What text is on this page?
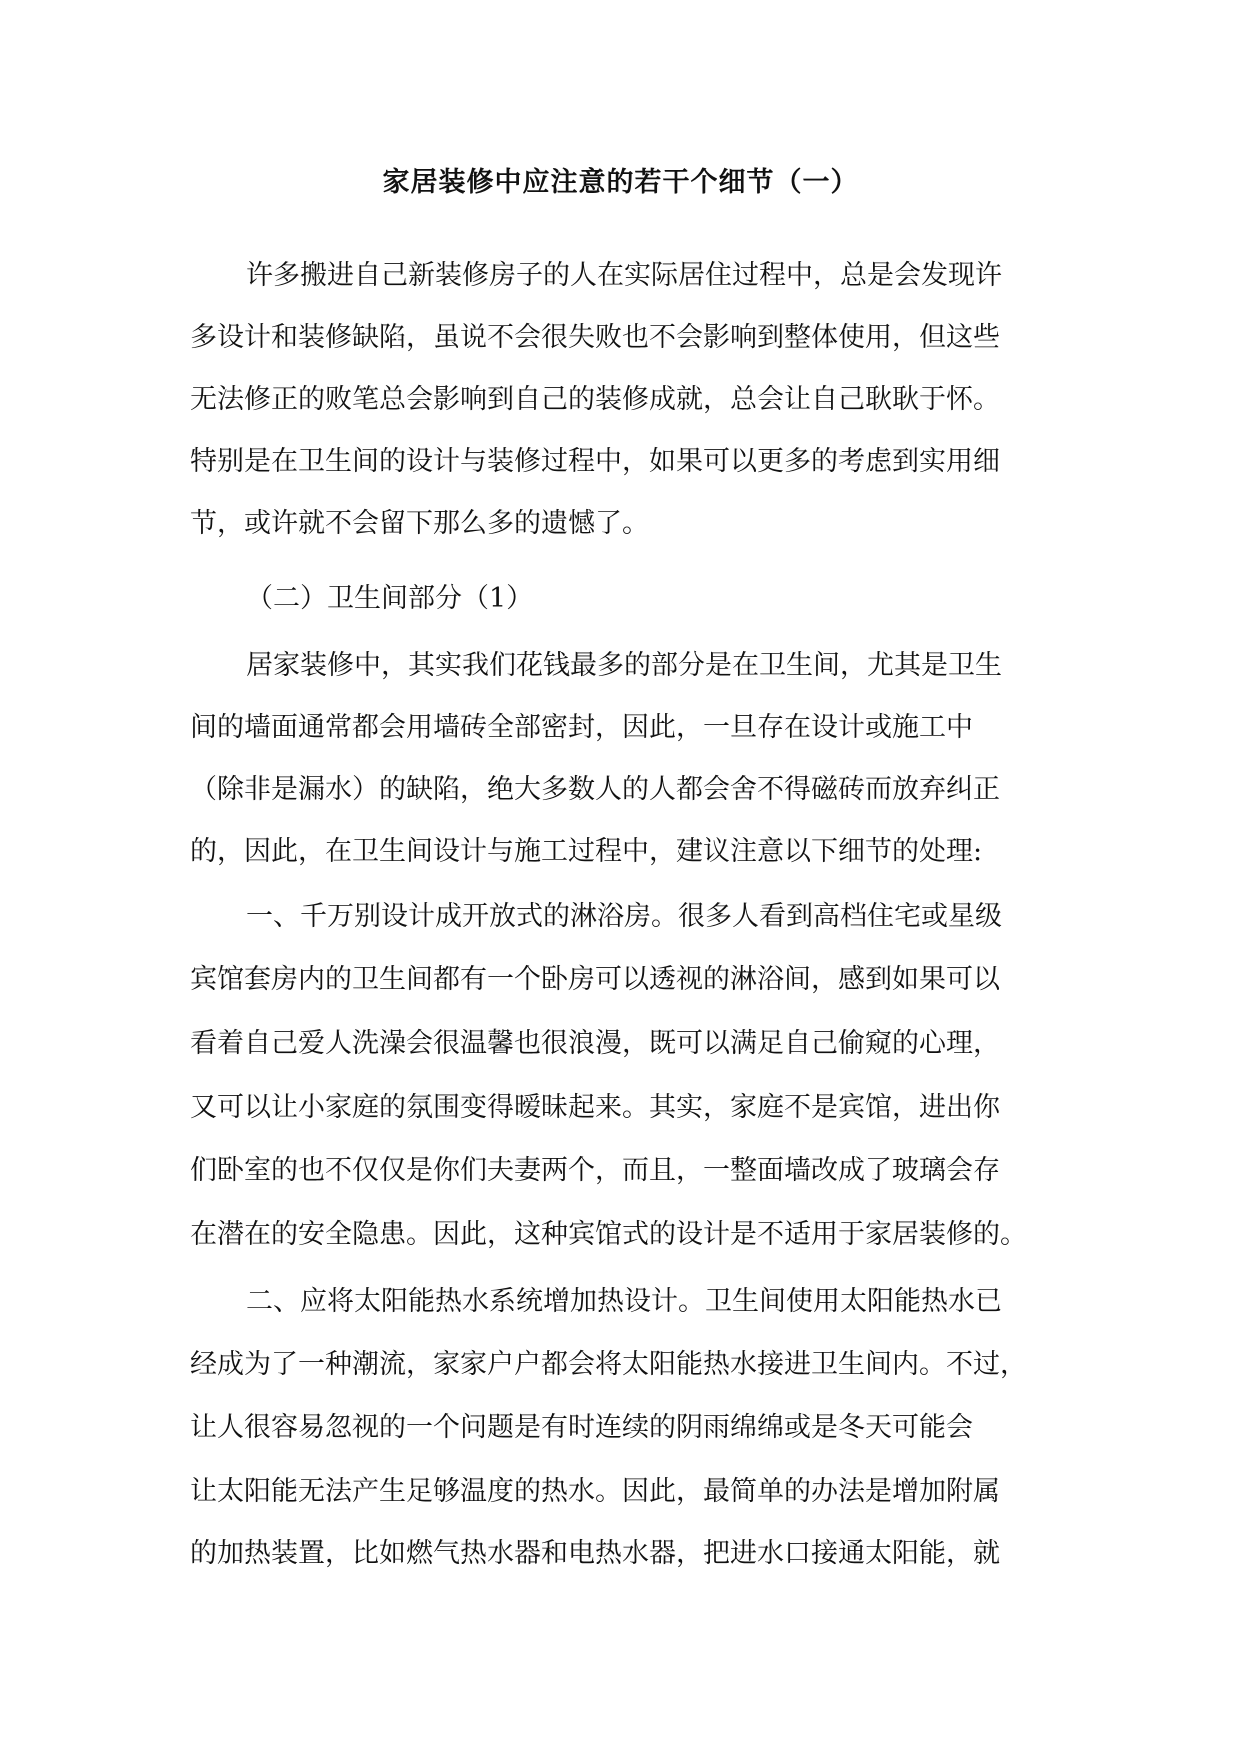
家居装修中应注意的若干个细节（一）
许多搬进自己新装修房子的人在实际居住过程中，总是会发现许
多设计和装修缺陷，虽说不会很失败也不会影响到整体使用，但这些
无法修正的败笔总会影响到自己的装修成就，总会让自己耿耿于怀。
特别是在卫生间的设计与装修过程中，如果可以更多的考虑到实用细
节，或许就不会留下那么多的遗憾了。
（二）卫生间部分（1）
居家装修中，其实我们花钱最多的部分是在卫生间，尤其是卫生
间的墙面通常都会用墙砖全部密封，因此，一旦存在设计或施工中
（除非是漏水）的缺陷，绝大多数人的人都会舍不得磁砖而放弃纠正
的，因此，在卫生间设计与施工过程中，建议注意以下细节的处理:
一、千万别设计成开放式的淋浴房。很多人看到高档住宅或星级
宾馆套房内的卫生间都有一个卧房可以透视的淋浴间，感到如果可以
看着自己爱人洗澡会很温馨也很浪漫，既可以满足自己偷窥的心理，
又可以让小家庭的氛围变得暧昧起来。其实，家庭不是宾馆，进出你
们卧室的也不仅仅是你们夫妻两个，而且，一整面墙改成了玻璃会存
在潜在的安全隐患。因此，这种宾馆式的设计是不适用于家居装修的。
二、应将太阳能热水系统增加热设计。卫生间使用太阳能热水已
经成为了一种潮流，家家户户都会将太阳能热水接进卫生间内。不过，
让人很容易忽视的一个问题是有时连续的阴雨绵绵或是冬天可能会
让太阳能无法产生足够温度的热水。因此，最简单的办法是增加附属
的加热装置，比如燃气热水器和电热水器，把进水口接通太阳能，就
